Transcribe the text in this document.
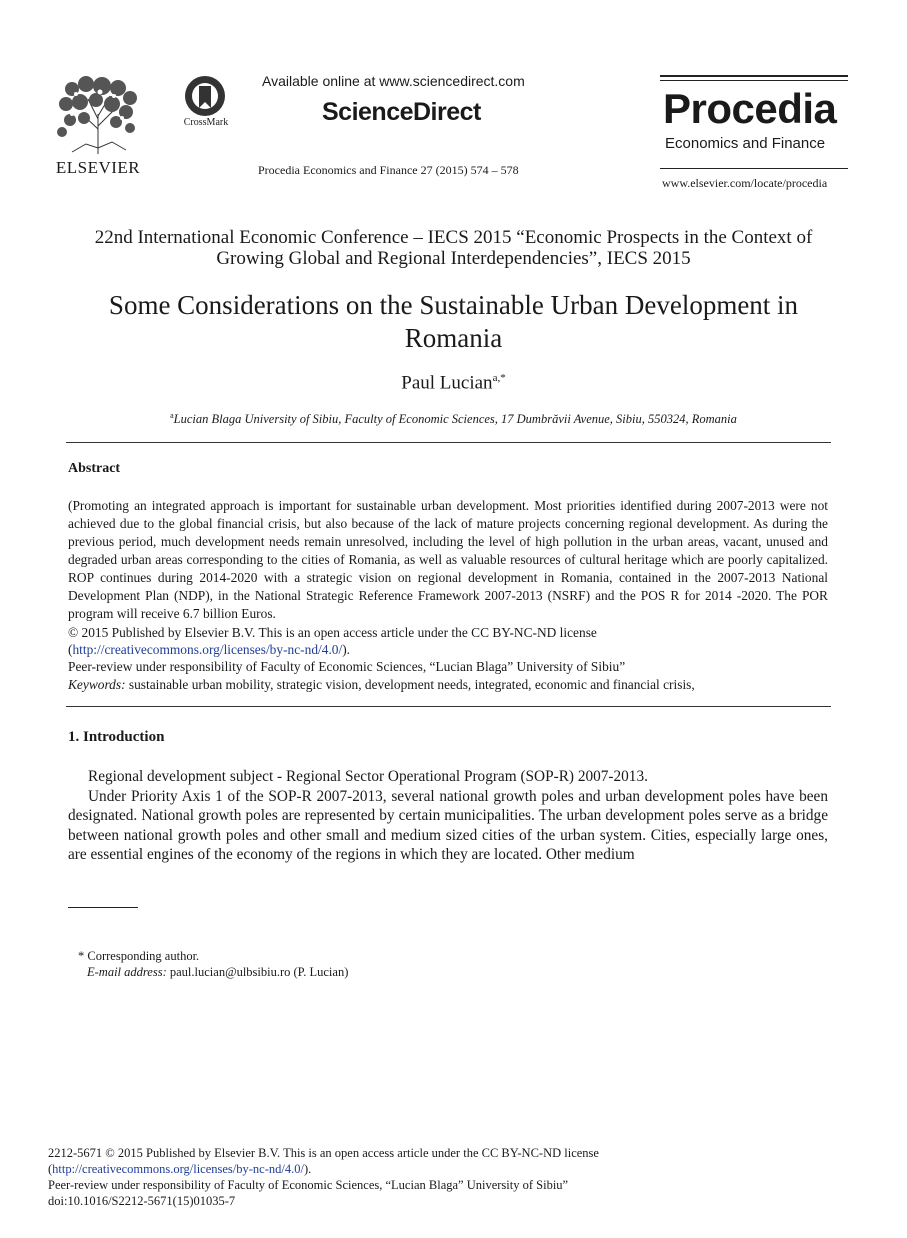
ELSEVIER
CrossMark
Available online at www.sciencedirect.com
ScienceDirect
Procedia Economics and Finance 27 (2015) 574 – 578
Procedia
Economics and Finance
www.elsevier.com/locate/procedia
22nd International Economic Conference – IECS 2015 “Economic Prospects in the Context of
Growing Global and Regional Interdependencies”, IECS 2015
Some Considerations on the Sustainable Urban Development in
Romania
Paul Lucian$^{a,*}$
$^a$Lucian Blaga University of Sibiu, Faculty of Economic Sciences, 17 Dumbrăvii Avenue, Sibiu, 550324, Romania
Abstract
(Promoting an integrated approach is important for sustainable urban development. Most priorities identified during 2007-2013 were not achieved due to the global financial crisis, but also because of the lack of mature projects concerning regional development. As during the previous period, much development needs remain unresolved, including the level of high pollution in the urban areas, vacant, unused and degraded urban areas corresponding to the cities of Romania, as well as valuable resources of cultural heritage which are poorly capitalized. ROP continues during 2014-2020 with a strategic vision on regional development in Romania, contained in the 2007-2013 National Development Plan (NDP), in the National Strategic Reference Framework 2007-2013 (NSRF) and the POS R for 2014 -2020. The POR program will receive 6.7 billion Euros.
© 2015 Published by Elsevier B.V. This is an open access article under the CC BY-NC-ND license
(http://creativecommons.org/licenses/by-nc-nd/4.0/).
Peer-review under responsibility of Faculty of Economic Sciences, “Lucian Blaga” University of Sibiu”
Keywords: sustainable urban mobility, strategic vision, development needs, integrated, economic and financial crisis,
1. Introduction

Regional development subject - Regional Sector Operational Program (SOP-R) 2007-2013.

Under Priority Axis 1 of the SOP-R 2007-2013, several national growth poles and urban development poles have been designated. National growth poles are represented by certain municipalities. The urban development poles serve as a bridge between national growth poles and other small and medium sized cities of the urban system. Cities, especially large ones, are essential engines of the economy of the regions in which they are located. Other medium

* Corresponding author.
E-mail address: paul.lucian@ulbsibiu.ro (P. Lucian)
2212-5671 © 2015 Published by Elsevier B.V. This is an open access article under the CC BY-NC-ND license
(http://creativecommons.org/licenses/by-nc-nd/4.0/).
Peer-review under responsibility of Faculty of Economic Sciences, “Lucian Blaga” University of Sibiu”
doi:10.1016/S2212-5671(15)01035-7
